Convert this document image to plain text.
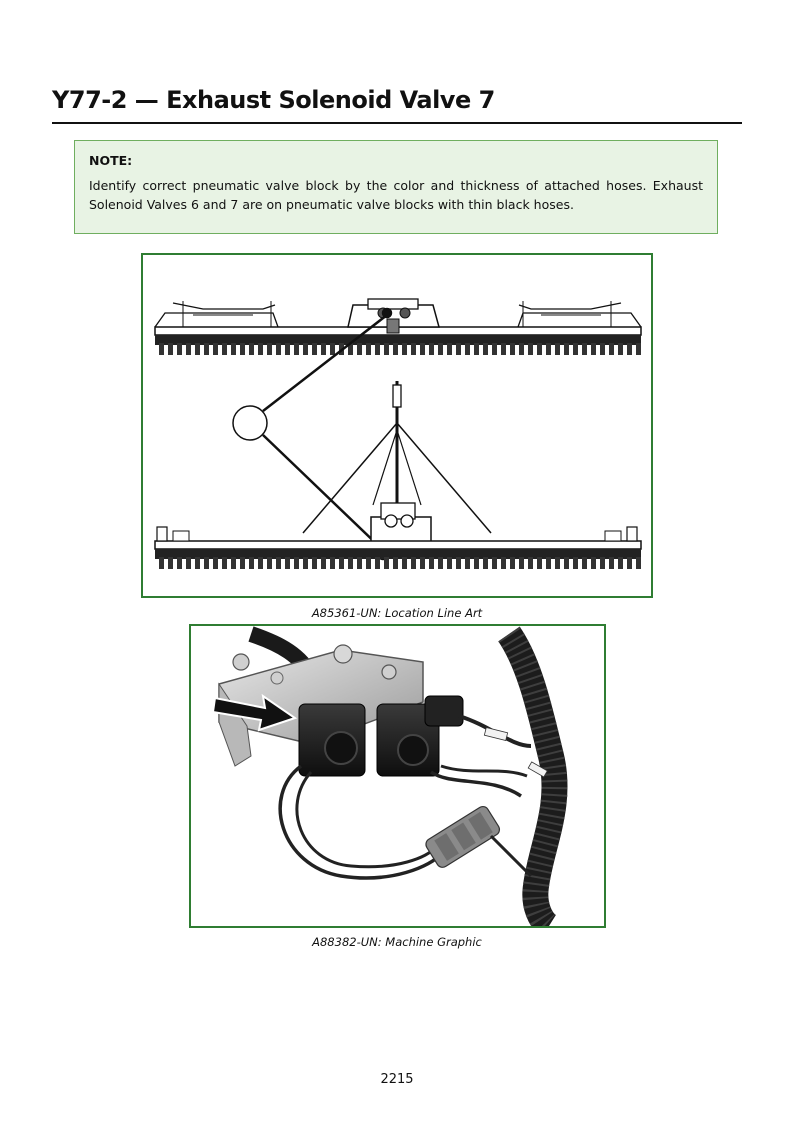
Y77-2 — Exhaust Solenoid Valve 7

NOTE:

Identify correct pneumatic valve block by the color and thickness of attached hoses. Exhaust Solenoid Valves 6 and 7 are on pneumatic valve blocks with thin black hoses.

A85361-UN: Location Line Art
A88382-UN: Machine Graphic
2215
